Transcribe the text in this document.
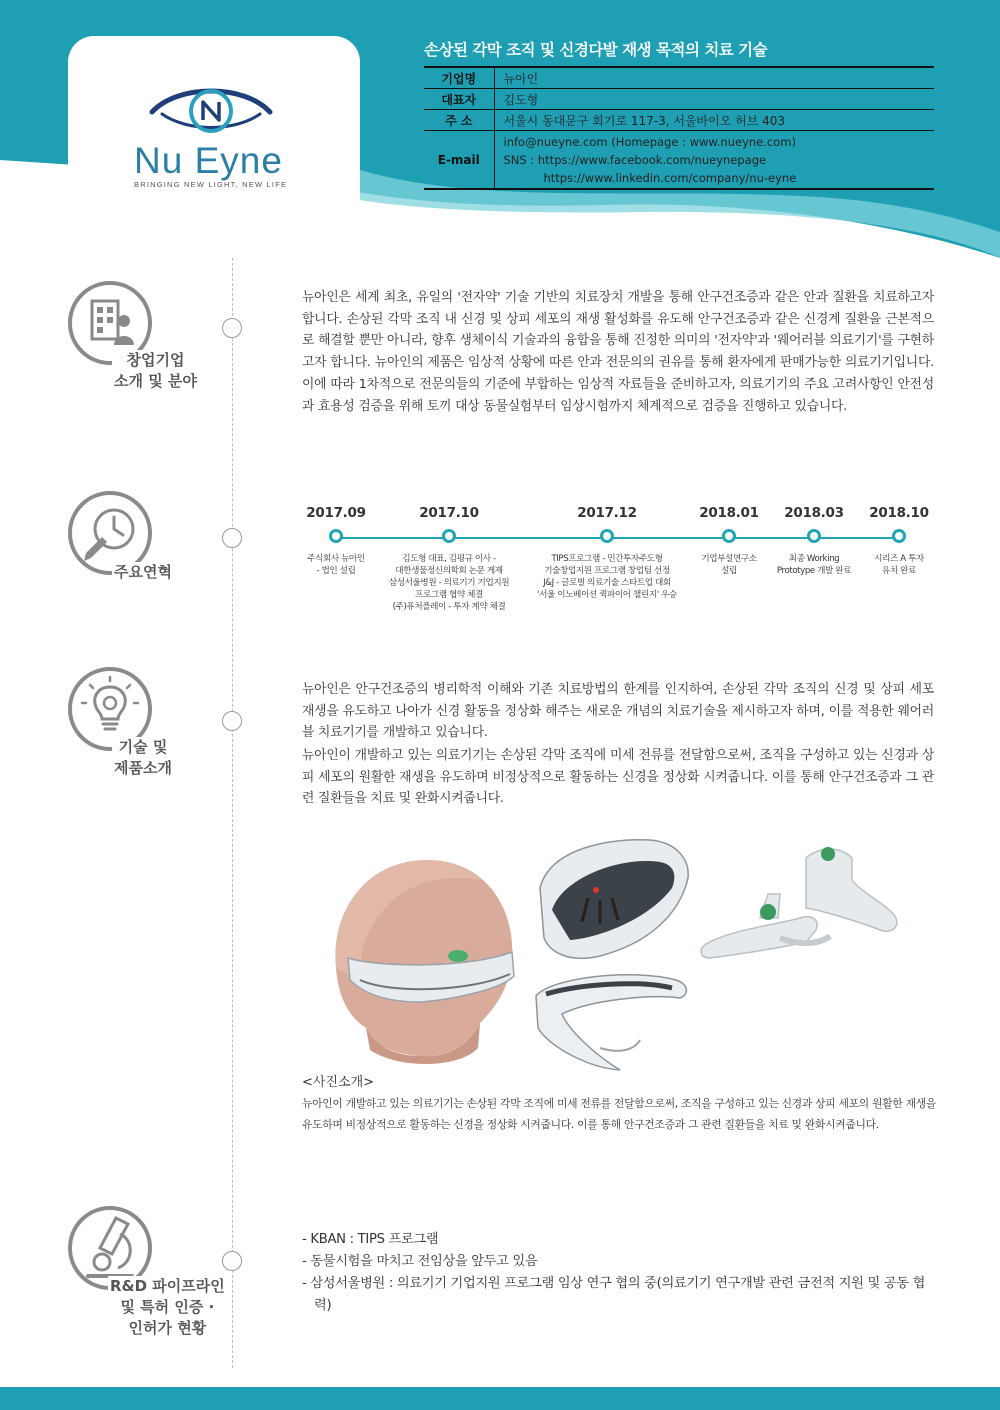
Nu Eyne
BRINGING NEW LIGHT, NEW LIFE
손상된 각막 조직 및 신경다발 재생 목적의 치료 기술
기업명	뉴아인
대표자	김도형
주 소	서울시 동대문구 회기로 117-3, 서울바이오 허브 403
E-mail	info@nueyne.com (Homepage : www.nueyne.com)
SNS : https://www.facebook.com/nueynepage
https://www.linkedin.com/company/nu-eyne
창업기업
소개 및 분야
뉴아인은 세계 최초, 유일의 '전자약' 기술 기반의 치료장치 개발을 통해 안구건조증과 같은 안과 질환을 치료하고자 합니다. 손상된 각막 조직 내 신경 및 상피 세포의 재생 활성화를 유도해 안구건조증과 같은 신경계 질환을 근본적으로 해결할 뿐만 아니라, 향후 생체이식 기술과의 융합을 통해 진정한 의미의 '전자약'과 '웨어러블 의료기기'를 구현하고자 합니다. 뉴아인의 제품은 임상적 상황에 따른 안과 전문의의 권유를 통해 환자에게 판매가능한 의료기기입니다. 이에 따라 1차적으로 전문의들의 기준에 부합하는 임상적 자료들을 준비하고자, 의료기기의 주요 고려사항인 안전성과 효용성 검증을 위해 토끼 대상 동물실험부터 임상시험까지 체계적으로 검증을 진행하고 있습니다.
주요연혁
2017.09
주식회사 뉴아인
- 법인 설립
2017.10
김도형 대표, 김평규 이사 -
대한생물정신의학회 논문 게재
삼성서울병원 - 의료기기 기업지원
프로그램 협약 체결
(주)퓨처플레이 - 투자 계약 체결
2017.12
TIPS프로그램 - 민간투자주도형
기술창업지원 프로그램 창업팀 선정
J&J - 글로벌 의료기술 스타트업 대회
'서울 이노베이션 퀵파이어 챌린지' 우승
2018.01
기업부설연구소
설립
2018.03
최종 Working
Prototype 개발 완료
2018.10
시리즈 A 투자
유치 완료
기술 및
제품소개
뉴아인은 안구건조증의 병리학적 이해와 기존 치료방법의 한계를 인지하여, 손상된 각막 조직의 신경 및 상피 세포 재생을 유도하고 나아가 신경 활동을 정상화 해주는 새로운 개념의 치료기술을 제시하고자 하며, 이를 적용한 웨어러블 치료기기를 개발하고 있습니다.
뉴아인이 개발하고 있는 의료기기는 손상된 각막 조직에 미세 전류를 전달함으로써, 조직을 구성하고 있는 신경과 상피 세포의 원활한 재생을 유도하며 비정상적으로 활동하는 신경을 정상화 시켜줍니다. 이를 통해 안구건조증과 그 관련 질환들을 치료 및 완화시켜줍니다.
<사진소개>
뉴아인이 개발하고 있는 의료기기는 손상된 각막 조직에 미세 전류를 전달함으로써, 조직을 구성하고 있는 신경과 상피 세포의 원활한 재생을 유도하며 비정상적으로 활동하는 신경을 정상화 시켜줍니다. 이를 통해 안구건조증과 그 관련 질환들을 치료 및 완화시켜줍니다.
R&D 파이프라인
및 특허 인증 ·
인허가 현황
- KBAN : TIPS 프로그램
- 동물시험을 마치고 전임상을 앞두고 있음
- 삼성서울병원 : 의료기기 기업지원 프로그램 임상 연구 협의 중(의료기기 연구개발 관련 금전적 지원 및 공동 협력)
